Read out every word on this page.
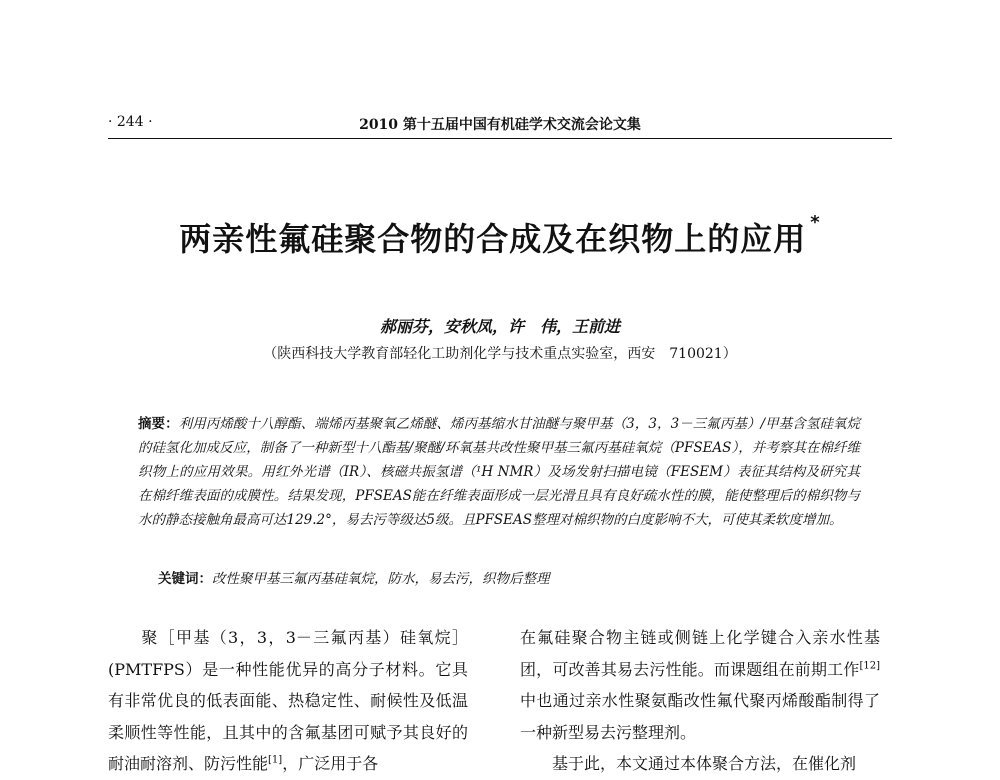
· 244 ·	2010 第十五届中国有机硅学术交流会论文集
两亲性氟硅聚合物的合成及在织物上的应用 *
郝丽芬，安秋凤，许　伟，王前进
（陕西科技大学教育部轻化工助剂化学与技术重点实验室，西安　710021）
摘要：利用丙烯酸十八醇酯、端烯丙基聚氧乙烯醚、烯丙基缩水甘油醚与聚甲基（3，3，3－三氟丙基）/甲基含氢硅氧烷的硅氢化加成反应，制备了一种新型十八酯基/聚醚/环氧基共改性聚甲基三氟丙基硅氧烷（PFSEAS），并考察其在棉纤维织物上的应用效果。用红外光谱（IR）、核磁共振氢谱（¹H NMR）及场发射扫描电镜（FESEM）表征其结构及研究其在棉纤维表面的成膜性。结果发现，PFSEAS能在纤维表面形成一层光滑且具有良好疏水性的膜，能使整理后的棉织物与水的静态接触角最高可达129.2°，易去污等级达5级。且PFSEAS整理对棉织物的白度影响不大，可使其柔软度增加。
关键词：改性聚甲基三氟丙基硅氧烷，防水，易去污，织物后整理
聚［甲基（3，3，3－三氟丙基）硅氧烷］(PMTFPS）是一种性能优异的高分子材料。它具有非常优良的低表面能、热稳定性、耐候性及低温柔顺性等性能，且其中的含氟基团可赋予其良好的耐油耐溶剂、防污性能[1]，广泛用于各
在氟硅聚合物主链或侧链上化学键合入亲水性基团，可改善其易去污性能。而课题组在前期工作[12]中也通过亲水性聚氨酯改性氟代聚丙烯酸酯制得了一种新型易去污整理剂。
基于此，本文通过本体聚合方法，在催化剂
